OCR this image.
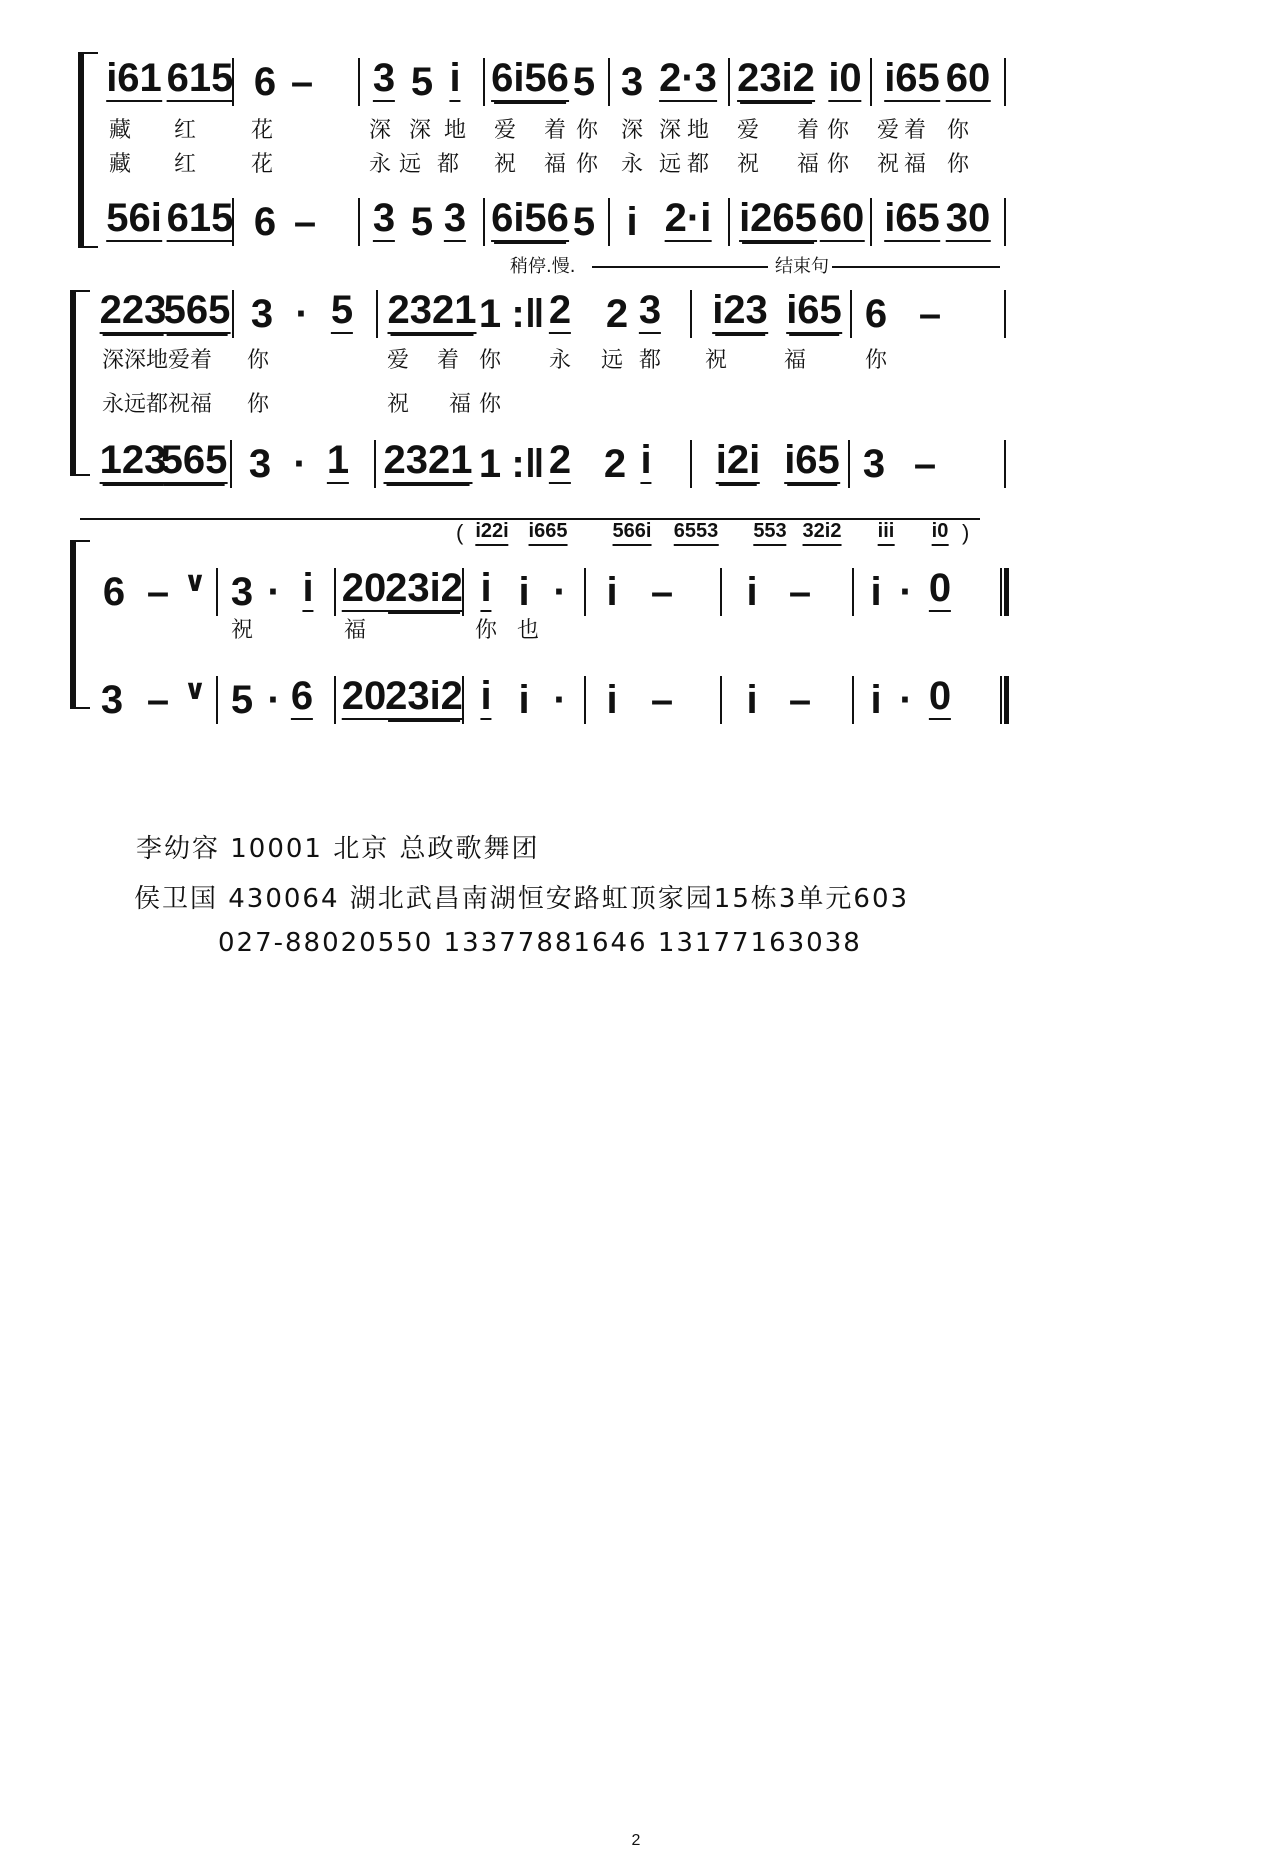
i61 615 6 – 3 5 i 6i56 5 3 2·3 23i2 i0 i65 60
藏 红 花	深 深 地 爱 着 你 深 深 地 爱 着 你 爱 着 你
藏 红 花	永 远 都 祝 福 你 永 远 都 祝 福 你 祝 福 你
56i 615 6 – 3 5 3 6i56 5 i 2·i i265 60 i65 30
稍停.慢.	结束句
223
565 3 · 5 2321 1 :‖ 2 2 3 i23 i65 6 –
深深地爱着 你	爱 着 你 永 远 都 祝	福	你
永远都祝福 你	祝 福 你
123
565 3 · 1 2321 1 :‖ 2 2 i i2i i65 3 –
( i22i i665 566i 6553 553 32i2 iii i0 )
6 – ∨ 3 · i 20
23i2 i i · i – i – i · 0
祝	福	你 也
3 – ∨ 5 · 6 20
23i2 i i · i – i – i · 0
李幼容 10001 北京 总政歌舞团
侯卫国 430064 湖北武昌南湖恒安路虹顶家园15栋3单元603
027-88020550 13377881646 13177163038
2
